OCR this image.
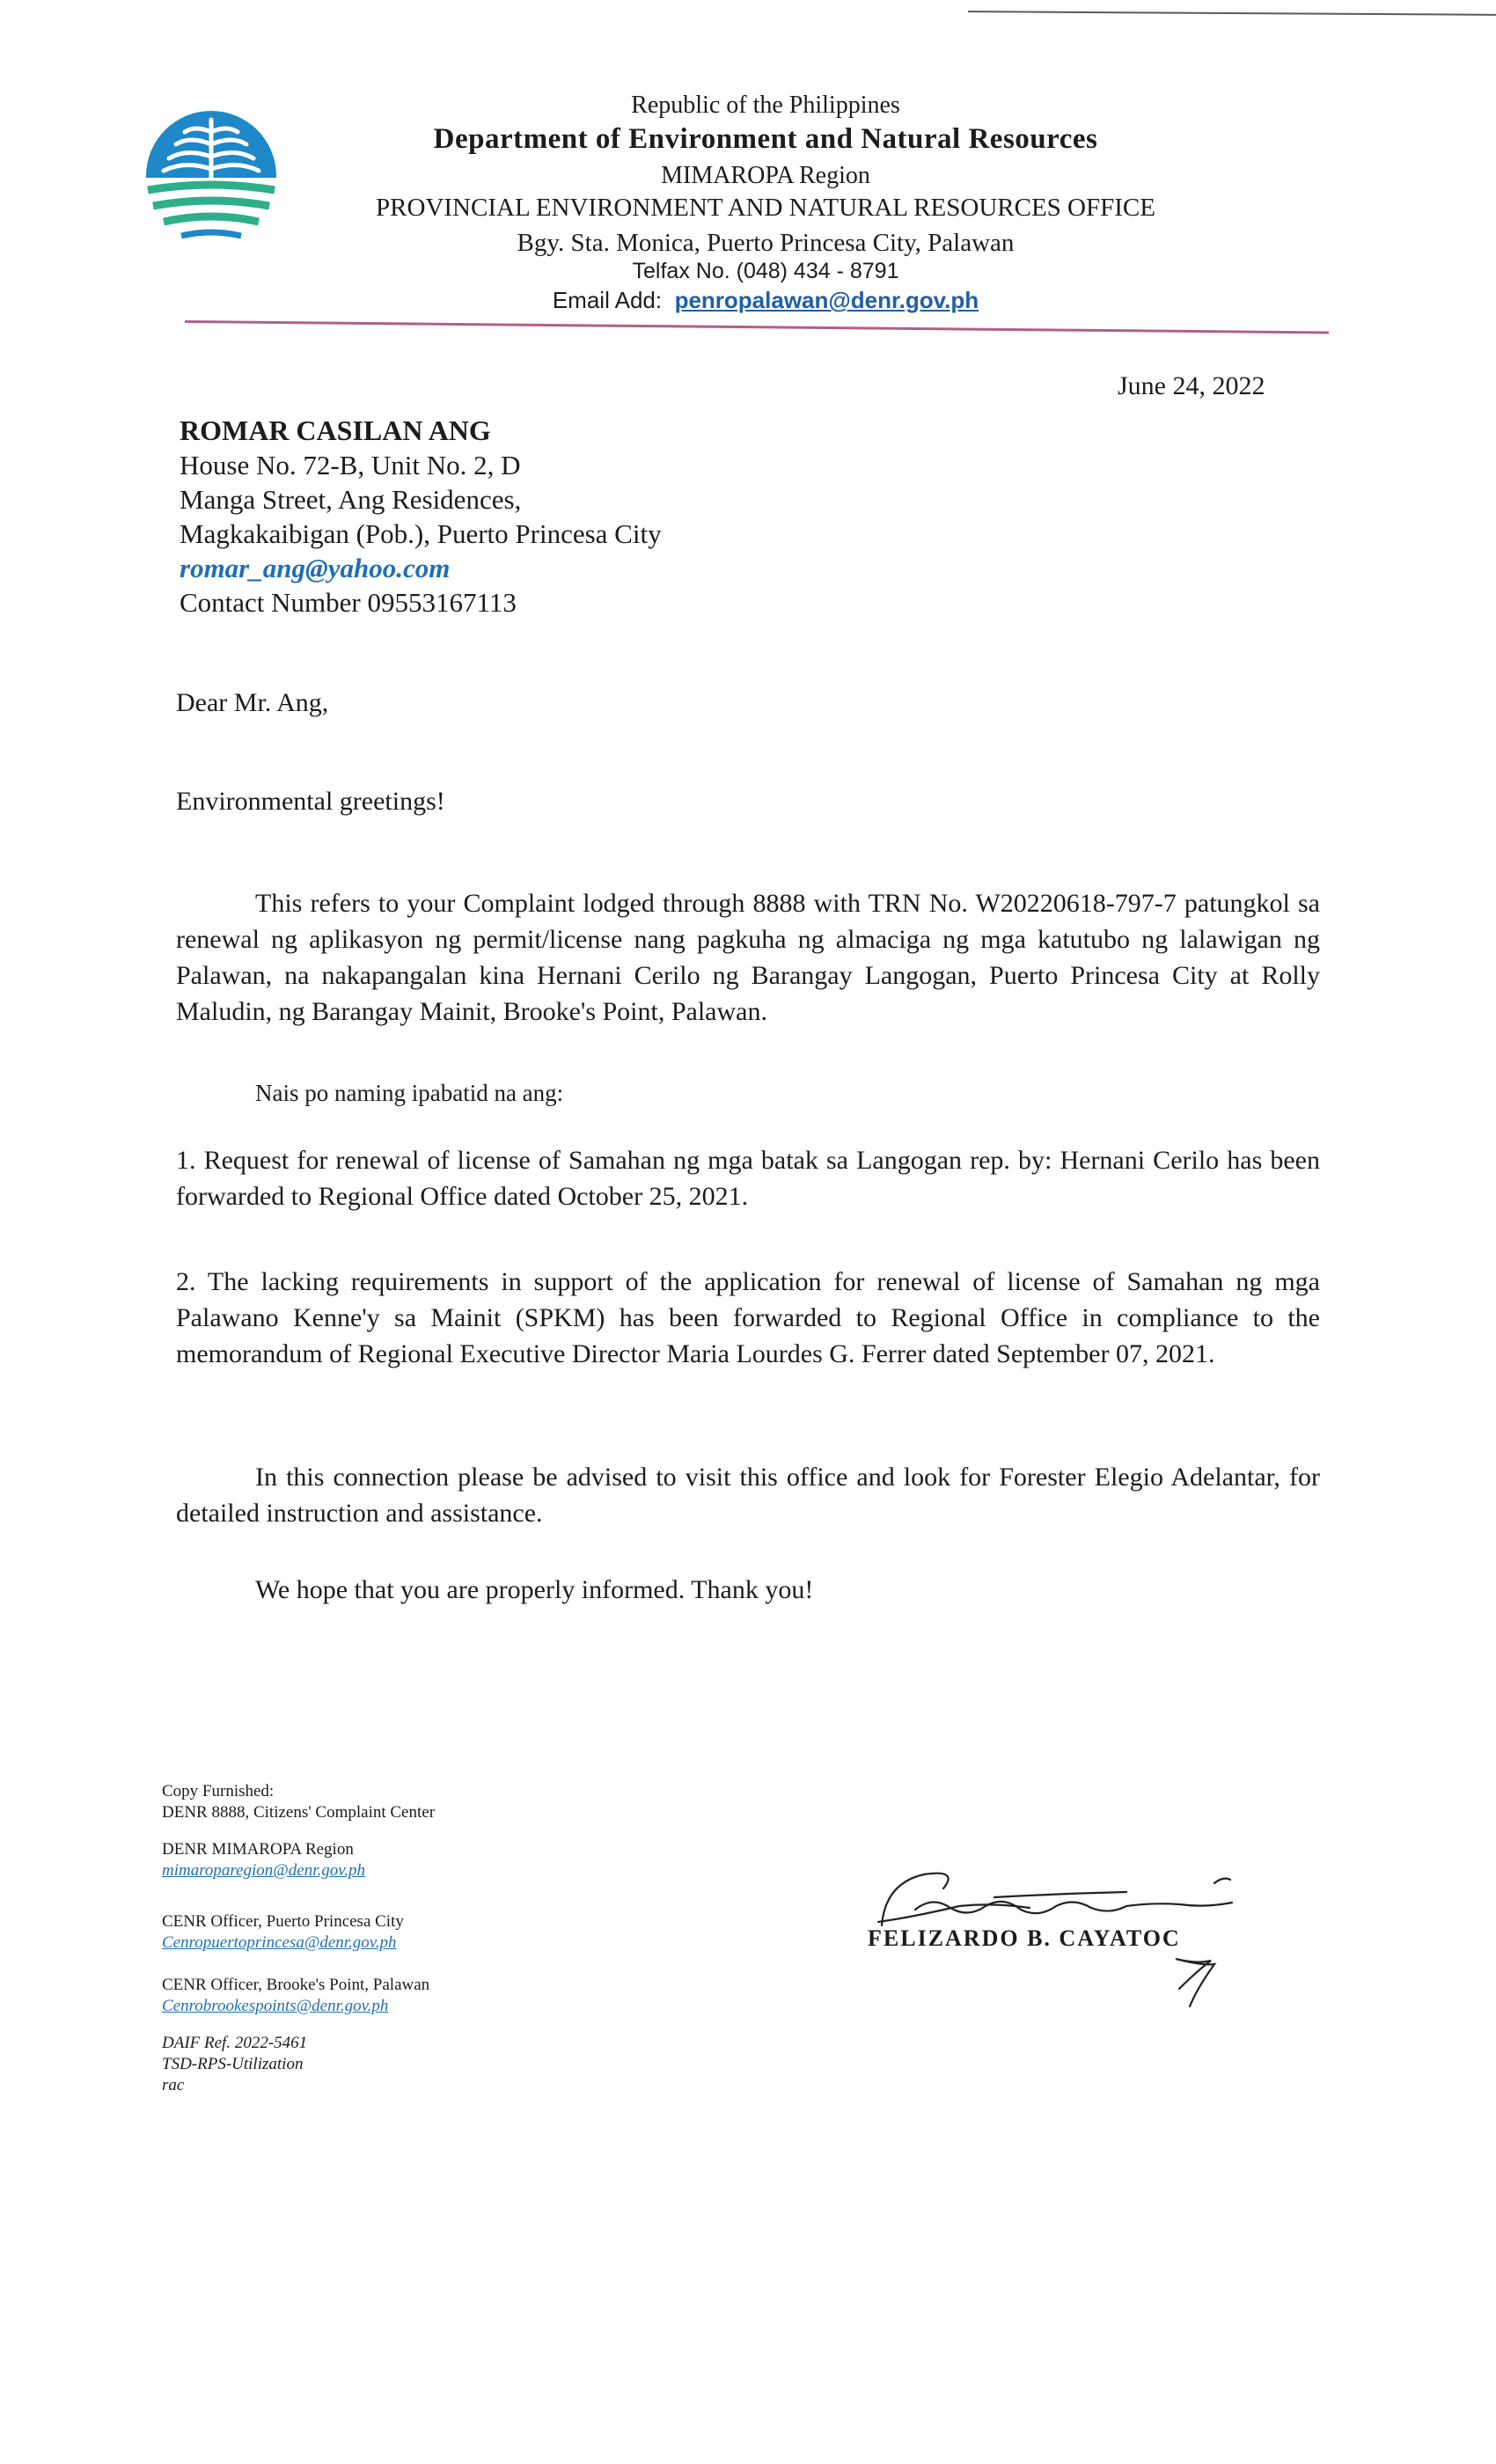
Republic of the Philippines
Department of Environment and Natural Resources
MIMAROPA Region
PROVINCIAL ENVIRONMENT AND NATURAL RESOURCES OFFICE
Bgy. Sta. Monica, Puerto Princesa City, Palawan
Telfax No. (048) 434 - 8791
Email Add: penropalawan@denr.gov.ph
June 24, 2022
ROMAR CASILAN ANG
House No. 72-B, Unit No. 2, D
Manga Street, Ang Residences,
Magkakaibigan (Pob.), Puerto Princesa City
romar_ang@yahoo.com
Contact Number 09553167113
Dear Mr. Ang,
Environmental greetings!
This refers to your Complaint lodged through 8888 with TRN No. W20220618-797-7 patungkol sa renewal ng aplikasyon ng permit/license nang pagkuha ng almaciga ng mga katutubo ng lalawigan ng Palawan, na nakapangalan kina Hernani Cerilo ng Barangay Langogan, Puerto Princesa City at Rolly Maludin, ng Barangay Mainit, Brooke's Point, Palawan.
Nais po naming ipabatid na ang:
1. Request for renewal of license of Samahan ng mga batak sa Langogan rep. by: Hernani Cerilo has been forwarded to Regional Office dated October 25, 2021.
2. The lacking requirements in support of the application for renewal of license of Samahan ng mga Palawano Kenne'y sa Mainit (SPKM) has been forwarded to Regional Office in compliance to the memorandum of Regional Executive Director Maria Lourdes G. Ferrer dated September 07, 2021.
In this connection please be advised to visit this office and look for Forester Elegio Adelantar, for detailed instruction and assistance.
We hope that you are properly informed. Thank you!
Copy Furnished:
DENR 8888, Citizens' Complaint Center
DENR MIMAROPA Region
mimaroparegion@denr.gov.ph
CENR Officer, Puerto Princesa City
Cenropuertoprincesa@denr.gov.ph
CENR Officer, Brooke's Point, Palawan
Cenrobrookespoints@denr.gov.ph
DAIF Ref. 2022-5461
TSD-RPS-Utilization
rac
FELIZARDO B. CAYATOC
